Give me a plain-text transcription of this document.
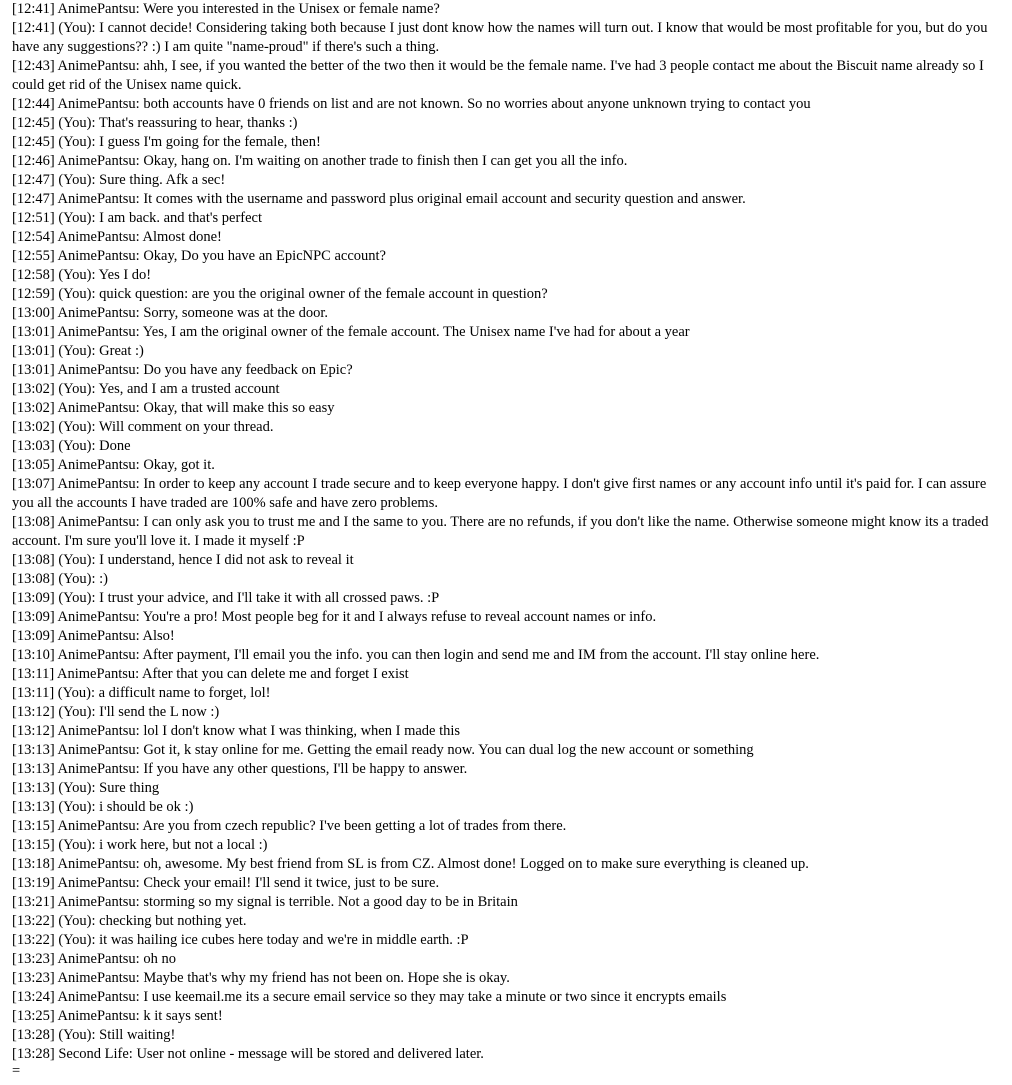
[12:41] AnimePantsu : Were you interested in the Unisex or female name?
[12:41] (You) : I cannot decide! Considering taking both because I just dont know how the names will turn out. I know that would be most profitable for you, but do you have any suggestions?? :) I am quite "name-proud" if there's such a thing.
[12:43] AnimePantsu : ahh, I see, if you wanted the better of the two then it would be the female name. I've had 3 people contact me about the Biscuit name already so I could get rid of the Unisex name quick.
[12:44] AnimePantsu : both accounts have 0 friends on list and are not known. So no worries about anyone unknown trying to contact you
[12:45] (You) : That's reassuring to hear, thanks :)
[12:45] (You) : I guess I'm going for the female, then!
[12:46] AnimePantsu : Okay, hang on. I'm waiting on another trade to finish then I can get you all the info.
[12:47] (You) : Sure thing. Afk a sec!
[12:47] AnimePantsu : It comes with the username and password plus original email account and security question and answer.
[12:51] (You) : I am back. and that's perfect
[12:54] AnimePantsu : Almost done!
[12:55] AnimePantsu : Okay, Do you have an EpicNPC account?
[12:58] (You) : Yes I do!
[12:59] (You) : quick question: are you the original owner of the female account in question?
[13:00] AnimePantsu : Sorry, someone was at the door.
[13:01] AnimePantsu : Yes, I am the original owner of the female account. The Unisex name I've had for about a year
[13:01] (You) : Great :)
[13:01] AnimePantsu : Do you have any feedback on Epic?
[13:02] (You) : Yes, and I am a trusted account
[13:02] AnimePantsu : Okay, that will make this so easy
[13:02] (You) : Will comment on your thread.
[13:03] (You) : Done
[13:05] AnimePantsu : Okay, got it.
[13:07] AnimePantsu : In order to keep any account I trade secure and to keep everyone happy. I don't give first names or any account info until it's paid for. I can assure you all the accounts I have traded are 100% safe and have zero problems.
[13:08] AnimePantsu : I can only ask you to trust me and I the same to you. There are no refunds, if you don't like the name. Otherwise someone might know its a traded account. I'm sure you'll love it. I made it myself :P
[13:08] (You) : I understand, hence I did not ask to reveal it
[13:08] (You) : :)
[13:09] (You) : I trust your advice, and I'll take it with all crossed paws. :P
[13:09] AnimePantsu : You're a pro! Most people beg for it and I always refuse to reveal account names or info.
[13:09] AnimePantsu : Also!
[13:10] AnimePantsu : After payment, I'll email you the info. you can then login and send me and IM from the account. I'll stay online here.
[13:11] AnimePantsu : After that you can delete me and forget I exist
[13:11] (You) : a difficult name to forget, lol!
[13:12] (You) : I'll send the L now :)
[13:12] AnimePantsu : lol I don't know what I was thinking, when I made this
[13:13] AnimePantsu : Got it, k stay online for me. Getting the email ready now. You can dual log the new account or something
[13:13] AnimePantsu : If you have any other questions, I'll be happy to answer.
[13:13] (You) : Sure thing
[13:13] (You) : i should be ok :)
[13:15] AnimePantsu : Are you from czech republic? I've been getting a lot of trades from there.
[13:15] (You) : i work here, but not a local :)
[13:18] AnimePantsu : oh, awesome. My best friend from SL is from CZ. Almost done! Logged on to make sure everything is cleaned up.
[13:19] AnimePantsu : Check your email! I'll send it twice, just to be sure.
[13:21] AnimePantsu : storming so my signal is terrible. Not a good day to be in Britain
[13:22] (You) : checking but nothing yet.
[13:22] (You) : it was hailing ice cubes here today and we're in middle earth. :P
[13:23] AnimePantsu : oh no
[13:23] AnimePantsu : Maybe that's why my friend has not been on. Hope she is okay.
[13:24] AnimePantsu : I use keemail.me its a secure email service so they may take a minute or two since it encrypts emails
[13:25] AnimePantsu : k it says sent!
[13:28] (You) : Still waiting!
[13:28] Second Life : User not online - message will be stored and delivered later.
=
